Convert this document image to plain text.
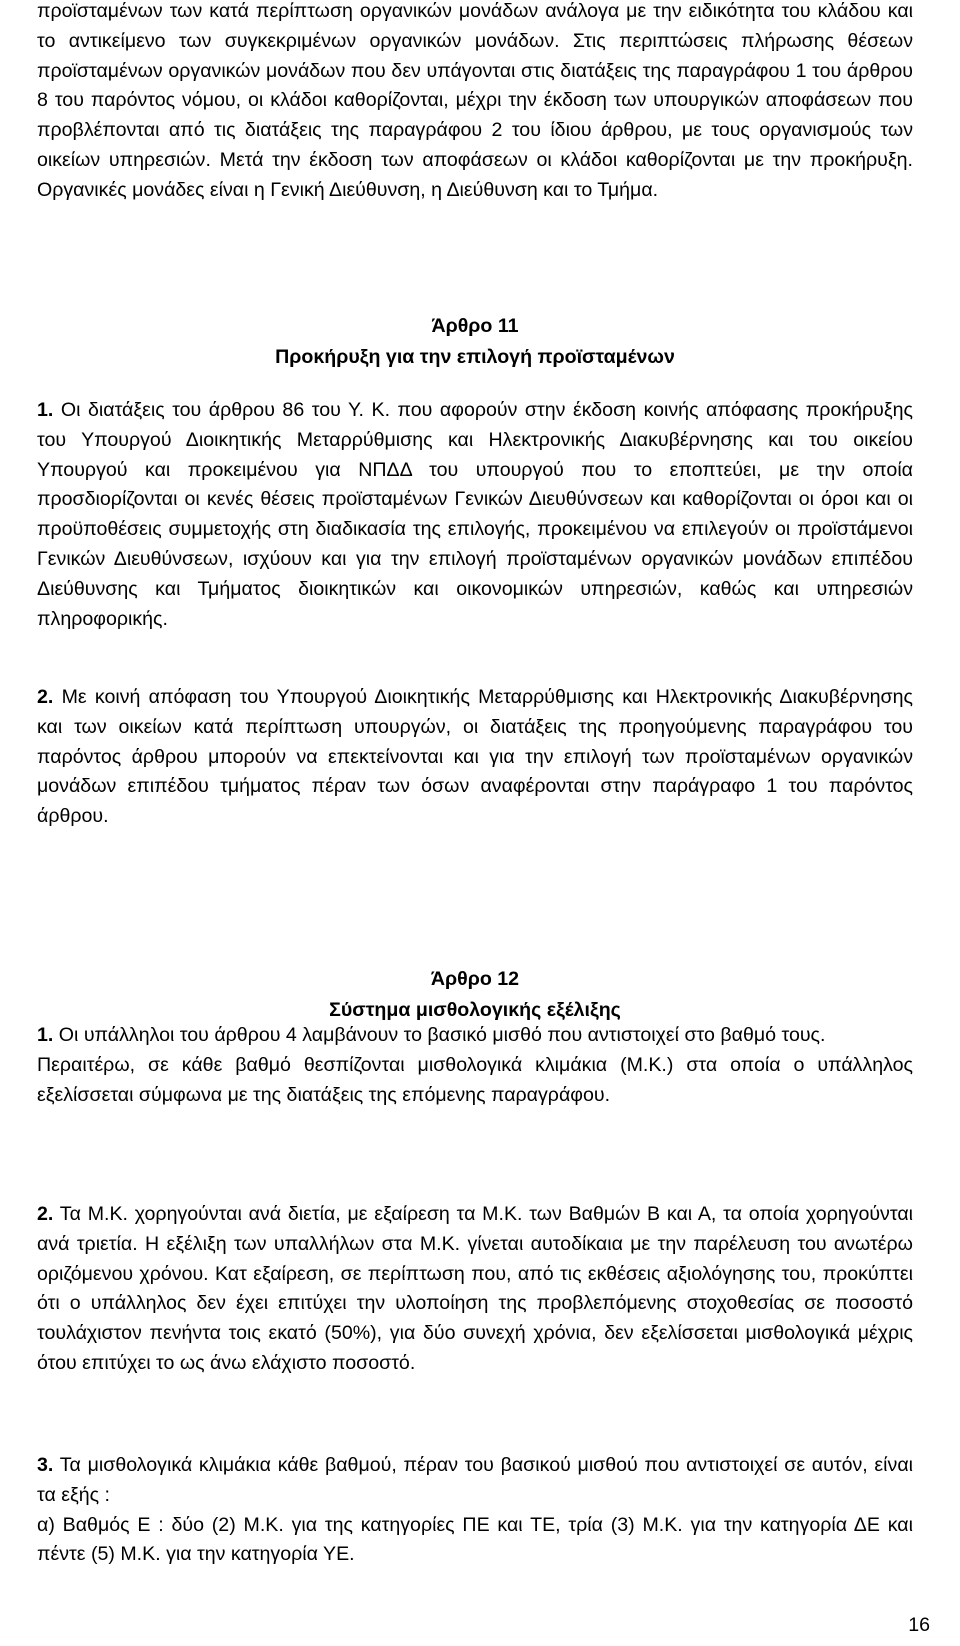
προϊσταμένων των κατά περίπτωση οργανικών μονάδων ανάλογα με την ειδικότητα του κλάδου και το αντικείμενο των συγκεκριμένων οργανικών μονάδων. Στις περιπτώσεις πλήρωσης θέσεων προϊσταμένων οργανικών μονάδων που δεν υπάγονται στις διατάξεις της παραγράφου 1 του άρθρου 8 του παρόντος νόμου, οι κλάδοι καθορίζονται, μέχρι την έκδοση των υπουργικών αποφάσεων που προβλέπονται από τις διατάξεις της παραγράφου 2 του ίδιου άρθρου, με τους οργανισμούς των οικείων υπηρεσιών. Μετά την έκδοση των αποφάσεων οι κλάδοι καθορίζονται με την προκήρυξη. Οργανικές μονάδες είναι η Γενική Διεύθυνση, η Διεύθυνση και το Τμήμα.

Άρθρο 11
Προκήρυξη για την επιλογή προϊσταμένων

1. Οι διατάξεις του άρθρου 86 του Υ. Κ. που αφορούν στην έκδοση κοινής απόφασης προκήρυξης του Υπουργού Διοικητικής Μεταρρύθμισης και Ηλεκτρονικής Διακυβέρνησης και του οικείου Υπουργού και προκειμένου για ΝΠΔΔ του υπουργού που το εποπτεύει, με την οποία προσδιορίζονται οι κενές θέσεις προϊσταμένων Γενικών Διευθύνσεων και καθορίζονται οι όροι και οι προϋποθέσεις συμμετοχής στη διαδικασία της επιλογής, προκειμένου να επιλεγούν οι προϊστάμενοι Γενικών Διευθύνσεων, ισχύουν και για την επιλογή προϊσταμένων οργανικών μονάδων επιπέδου Διεύθυνσης και Τμήματος διοικητικών και οικονομικών υπηρεσιών, καθώς και υπηρεσιών πληροφορικής.

2. Με κοινή απόφαση του Υπουργού Διοικητικής Μεταρρύθμισης και Ηλεκτρονικής Διακυβέρνησης και των οικείων κατά περίπτωση υπουργών, οι διατάξεις της προηγούμενης παραγράφου του παρόντος άρθρου μπορούν να επεκτείνονται και για την επιλογή των προϊσταμένων οργανικών μονάδων επιπέδου τμήματος πέραν των όσων αναφέρονται στην παράγραφο 1 του παρόντος άρθρου.

Άρθρο 12
Σύστημα μισθολογικής εξέλιξης

1. Οι υπάλληλοι του άρθρου 4 λαμβάνουν το βασικό μισθό που αντιστοιχεί στο βαθμό τους.

Περαιτέρω, σε κάθε βαθμό θεσπίζονται μισθολογικά κλιμάκια (Μ.Κ.) στα οποία ο υπάλληλος εξελίσσεται σύμφωνα με της διατάξεις της επόμενης παραγράφου.

2. Τα Μ.Κ. χορηγούνται ανά διετία, με εξαίρεση τα Μ.Κ. των Βαθμών Β και Α, τα οποία χορηγούνται ανά τριετία. Η εξέλιξη των υπαλλήλων στα Μ.Κ. γίνεται αυτοδίκαια με την παρέλευση του ανωτέρω οριζόμενου χρόνου. Κατ εξαίρεση, σε περίπτωση που, από τις εκθέσεις αξιολόγησης του, προκύπτει ότι ο υπάλληλος δεν έχει επιτύχει την υλοποίηση της προβλεπόμενης στοχοθεσίας σε ποσοστό τουλάχιστον πενήντα τοις εκατό (50%), για δύο συνεχή χρόνια, δεν εξελίσσεται μισθολογικά μέχρις ότου επιτύχει το ως άνω ελάχιστο ποσοστό.

3. Τα μισθολογικά κλιμάκια κάθε βαθμού, πέραν του βασικού μισθού που αντιστοιχεί σε αυτόν, είναι τα εξής :

α) Βαθμός Ε : δύο (2) Μ.Κ. για της κατηγορίες ΠΕ και ΤΕ, τρία (3) Μ.Κ. για την κατηγορία ΔΕ και πέντε (5) Μ.Κ. για την κατηγορία ΥΕ.

16
